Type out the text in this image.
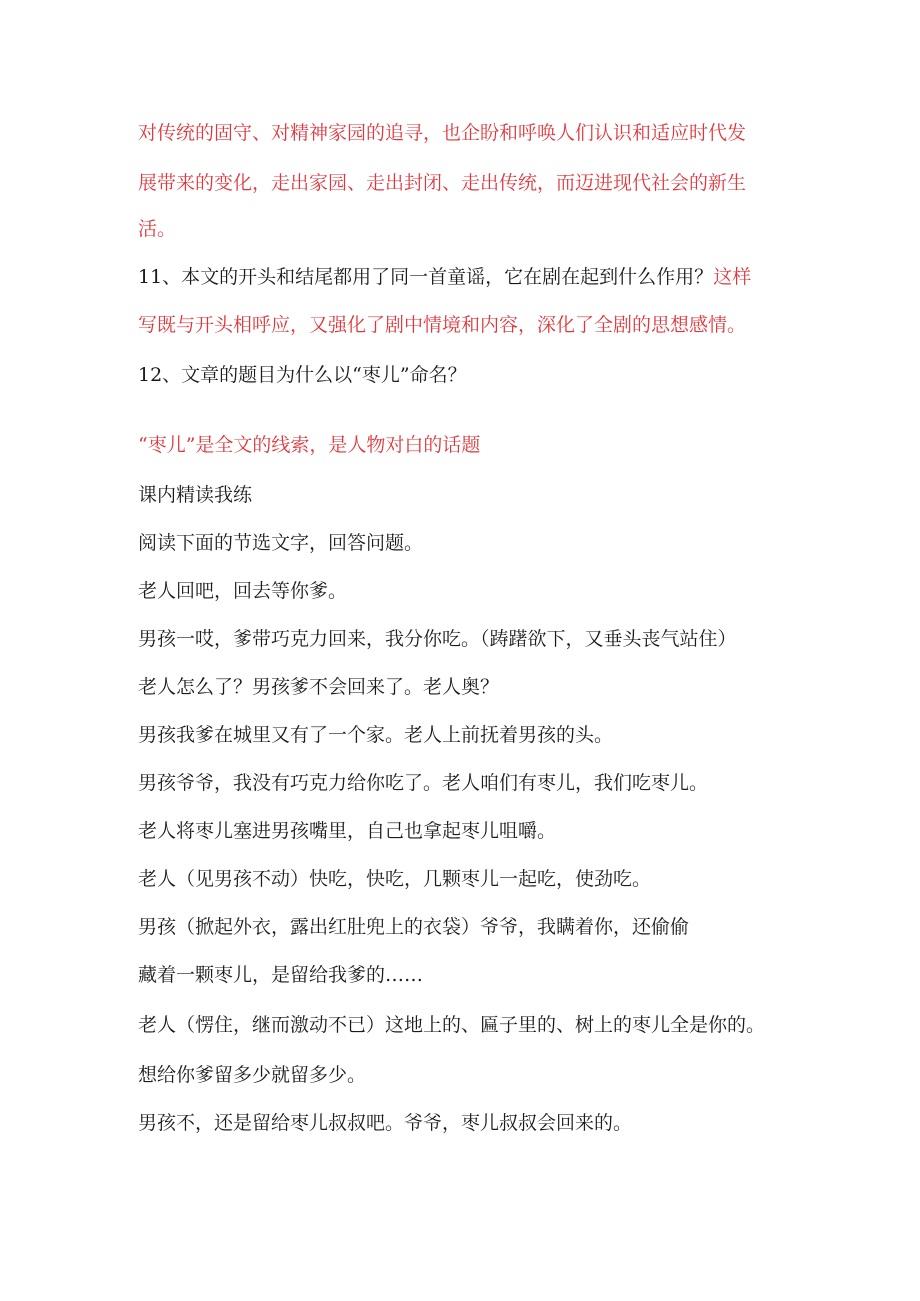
对传统的固守、对精神家园的追寻，也企盼和呼唤人们认识和适应时代发
展带来的变化，走出家园、走出封闭、走出传统，而迈进现代社会的新生
活。
11、本文的开头和结尾都用了同一首童谣，它在剧在起到什么作用？这样
写既与开头相呼应，又强化了剧中情境和内容，深化了全剧的思想感情。
12、文章的题目为什么以“枣儿”命名？
“枣儿”是全文的线索，是人物对白的话题
课内精读我练
阅读下面的节选文字，回答问题。
老人回吧，回去等你爹。
男孩一哎，爹带巧克力回来，我分你吃。（踌躇欲下，又垂头丧气站住）
老人怎么了？男孩爹不会回来了。老人奥？
男孩我爹在城里又有了一个家。老人上前抚着男孩的头。
男孩爷爷，我没有巧克力给你吃了。老人咱们有枣儿，我们吃枣儿。
老人将枣儿塞进男孩嘴里，自己也拿起枣儿咀嚼。
老人（见男孩不动）快吃，快吃，几颗枣儿一起吃，使劲吃。
男孩（掀起外衣，露出红肚兜上的衣袋）爷爷，我瞒着你，还偷偷
藏着一颗枣儿，是留给我爹的……
老人（愣住，继而激动不已）这地上的、匾子里的、树上的枣儿全是你的。
想给你爹留多少就留多少。
男孩不，还是留给枣儿叔叔吧。爷爷，枣儿叔叔会回来的。
